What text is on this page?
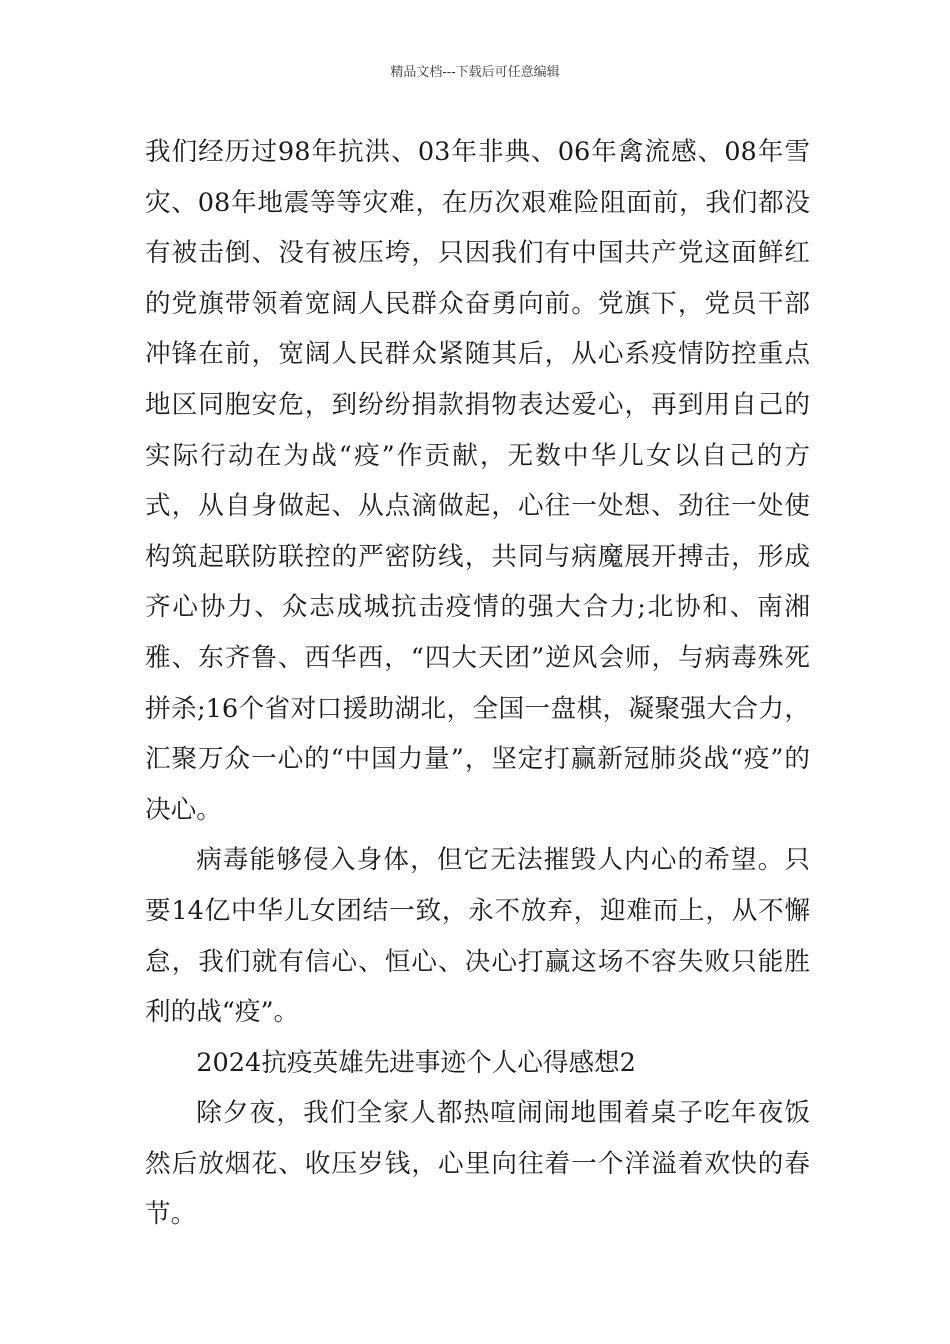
精品文档---下载后可任意编辑

我们经历过98年抗洪、03年非典、06年禽流感、08年雪灾、08年地震等等灾难，在历次艰难险阻面前，我们都没有被击倒、没有被压垮，只因我们有中国共产党这面鲜红的党旗带领着宽阔人民群众奋勇向前。党旗下，党员干部冲锋在前，宽阔人民群众紧随其后，从心系疫情防控重点地区同胞安危，到纷纷捐款捐物表达爱心，再到用自己的实际行动在为战“疫”作贡献，无数中华儿女以自己的方式，从自身做起、从点滴做起，心往一处想、劲往一处使构筑起联防联控的严密防线，共同与病魔展开搏击，形成齐心协力、众志成城抗击疫情的强大合力;北协和、南湘雅、东齐鲁、西华西，“四大天团”逆风会师，与病毒殊死拼杀;16个省对口援助湖北，全国一盘棋，凝聚强大合力，汇聚万众一心的“中国力量”，坚定打赢新冠肺炎战“疫”的决心。

病毒能够侵入身体，但它无法摧毁人内心的希望。只要14亿中华儿女团结一致，永不放弃，迎难而上，从不懈怠，我们就有信心、恒心、决心打赢这场不容失败只能胜利的战“疫”。

2024抗疫英雄先进事迹个人心得感想2

除夕夜，我们全家人都热喧闹闹地围着桌子吃年夜饭然后放烟花、收压岁钱，心里向往着一个洋溢着欢快的春节。
